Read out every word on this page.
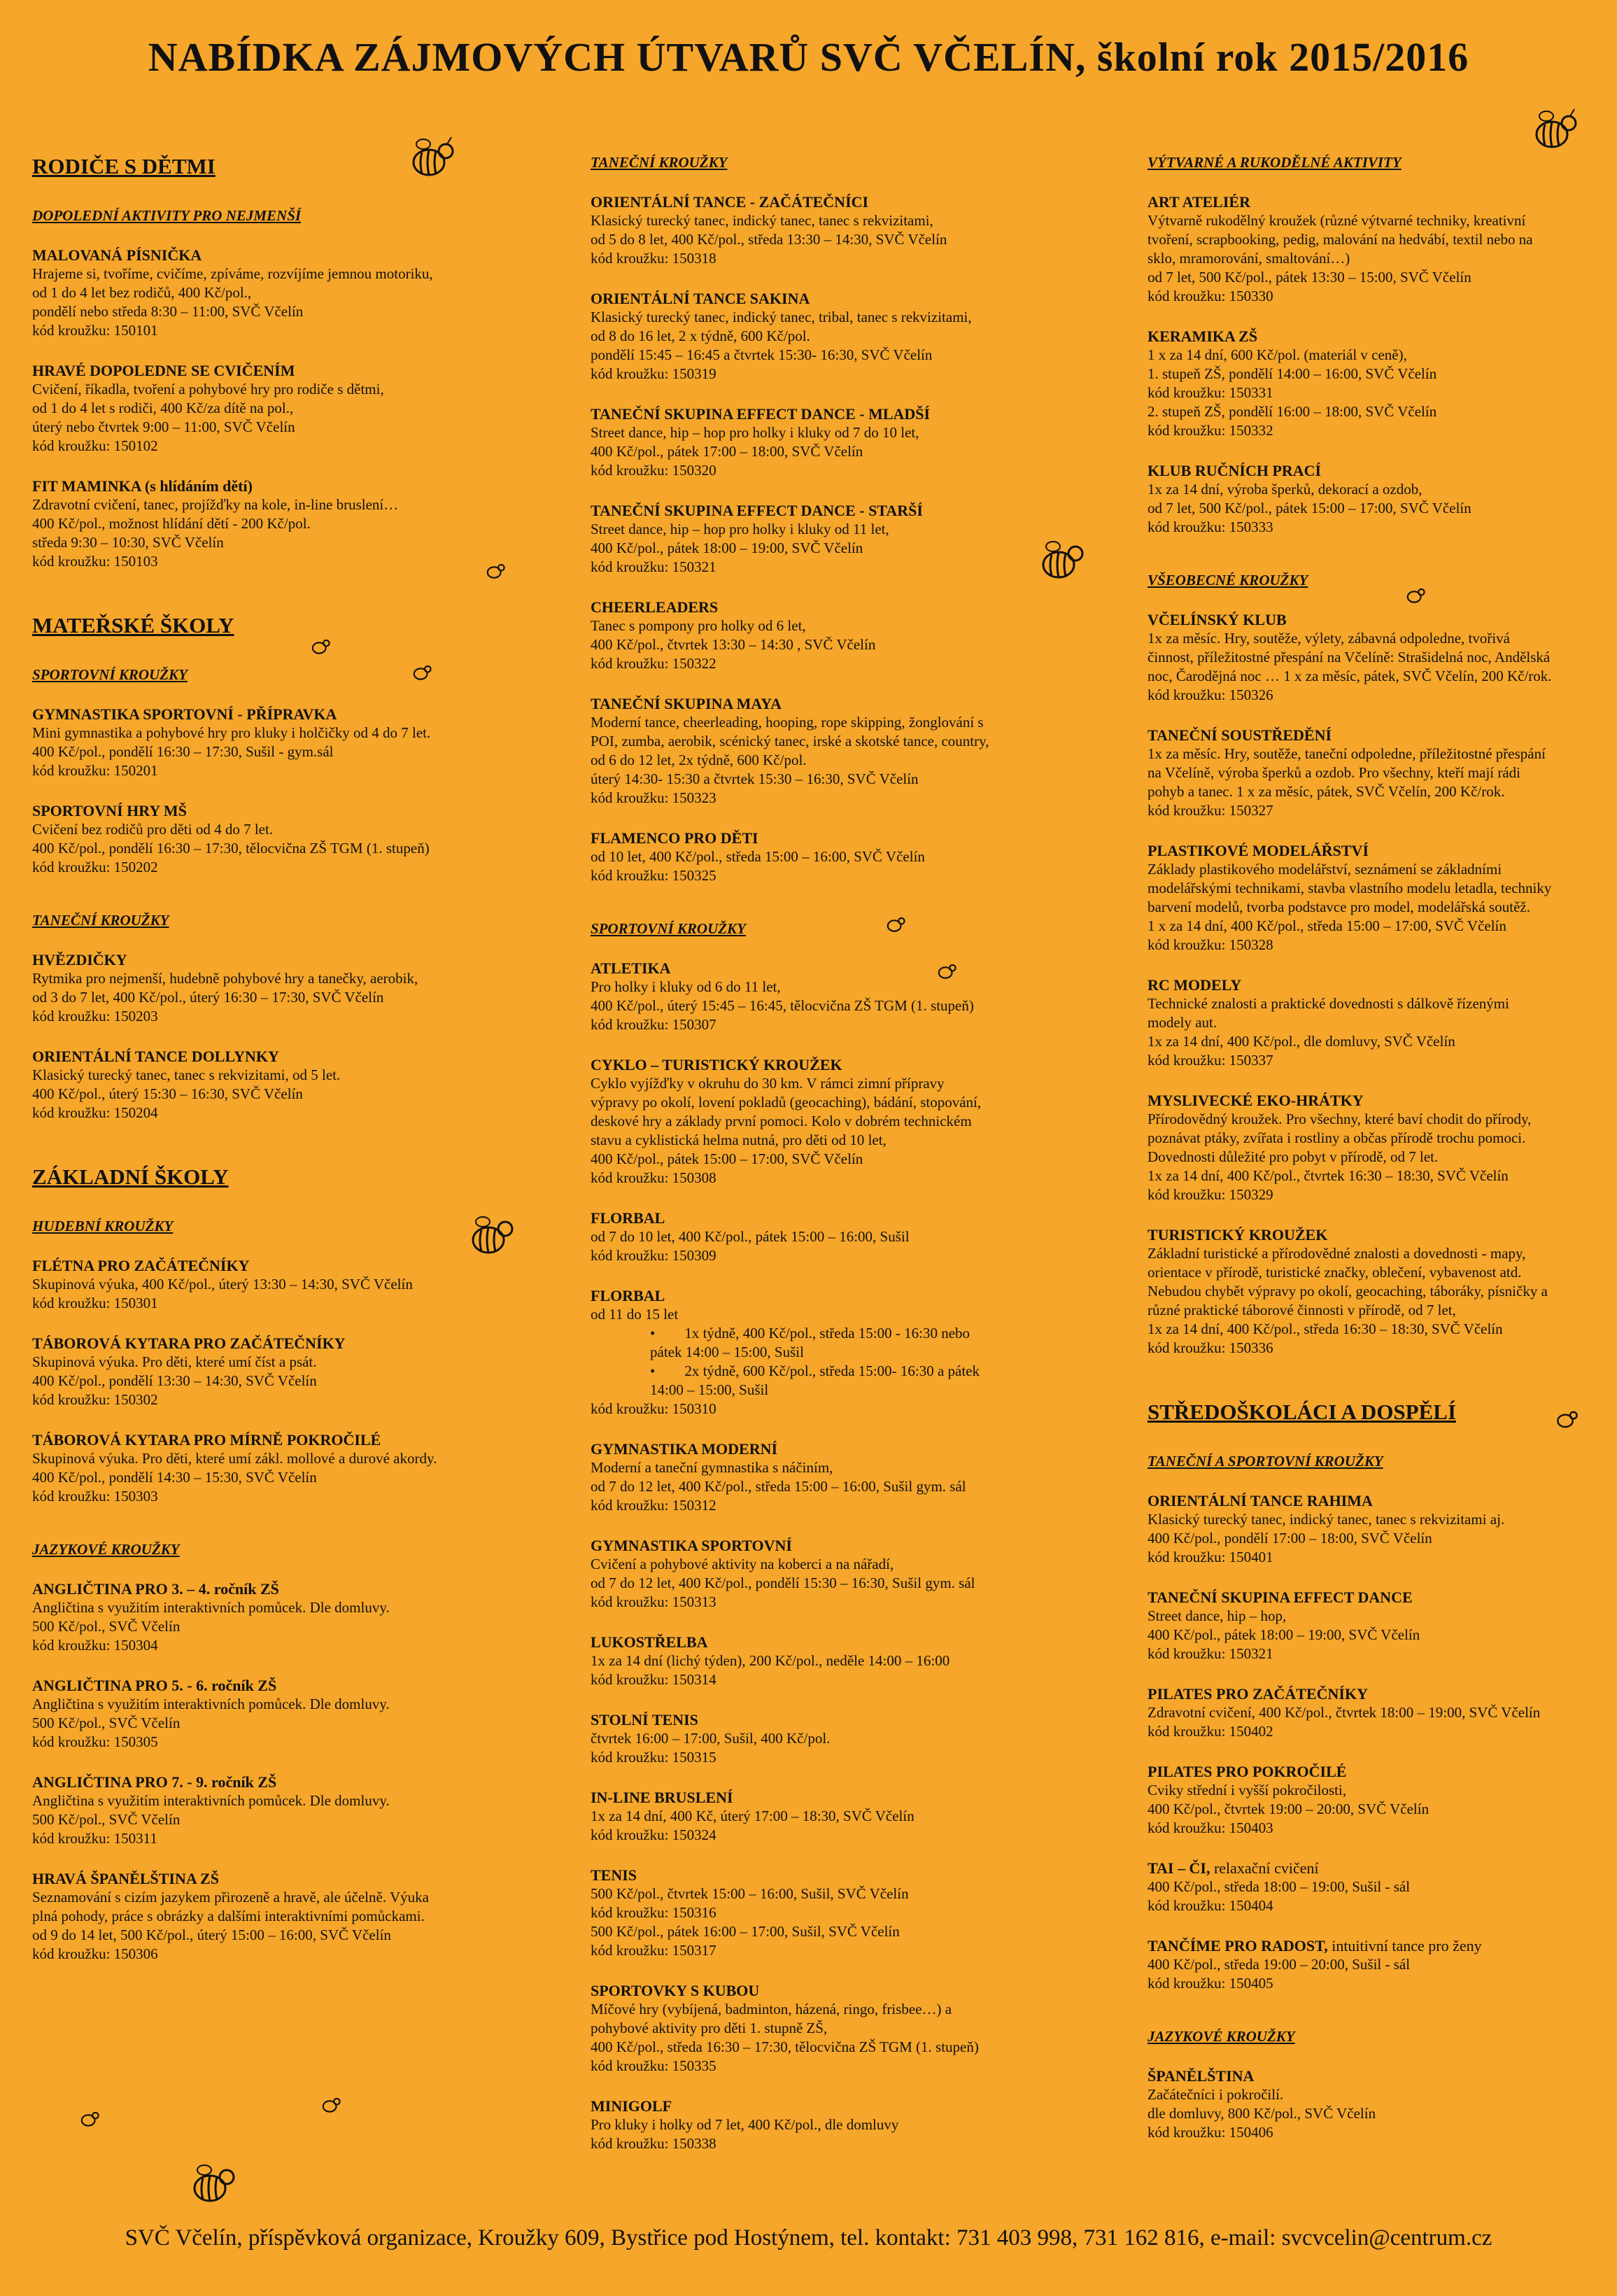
NABÍDKA ZÁJMOVÝCH ÚTVARŮ SVČ VČELÍN, školní rok 2015/2016
RODIČE S DĚTMI
DOPOLEDNÍ AKTIVITY PRO NEJMENŠÍ
MALOVANÁ PÍSNIČKA
Hrajeme si, tvoříme, cvičíme, zpíváme, rozvíjíme jemnou motoriku,
od 1 do 4 let bez rodičů, 400 Kč/pol.,
pondělí nebo středa 8:30 – 11:00, SVČ Včelín
kód kroužku: 150101
HRAVÉ DOPOLEDNE SE CVIČENÍM
Cvičení, říkadla, tvoření a pohybové hry pro rodiče s dětmi,
od 1 do 4 let s rodiči, 400 Kč/za dítě na pol.,
úterý nebo čtvrtek 9:00 – 11:00, SVČ Včelín
kód kroužku: 150102
FIT MAMINKA (s hlídáním dětí)
Zdravotní cvičení, tanec, projížďky na kole, in-line bruslení…
400 Kč/pol., možnost hlídání dětí - 200 Kč/pol.
středa 9:30 – 10:30, SVČ Včelín
kód kroužku: 150103
MATEŘSKÉ ŠKOLY
SPORTOVNÍ KROUŽKY
GYMNASTIKA SPORTOVNÍ - PŘÍPRAVKA
Mini gymnastika a pohybové hry pro kluky i holčičky od 4 do 7 let.
400 Kč/pol., pondělí 16:30 – 17:30, Sušil - gym.sál
kód kroužku: 150201
SPORTOVNÍ HRY MŠ
Cvičení bez rodičů pro děti od 4 do 7 let.
400 Kč/pol., pondělí 16:30 – 17:30, tělocvična ZŠ TGM (1. stupeň)
kód kroužku: 150202
TANEČNÍ KROUŽKY
HVĚZDIČKY
Rytmika pro nejmenší, hudebně pohybové hry a tanečky, aerobik,
od 3 do 7 let, 400 Kč/pol., úterý 16:30 – 17:30, SVČ Včelín
kód kroužku: 150203
ORIENTÁLNÍ TANCE DOLLYNKY
Klasický turecký tanec, tanec s rekvizitami, od 5 let.
400 Kč/pol., úterý 15:30 – 16:30, SVČ Včelín
kód kroužku: 150204
ZÁKLADNÍ ŠKOLY
HUDEBNÍ KROUŽKY
FLÉTNA PRO ZAČÁTEČNÍKY
Skupinová výuka, 400 Kč/pol., úterý 13:30 – 14:30, SVČ Včelín
kód kroužku: 150301
TÁBOROVÁ KYTARA PRO ZAČÁTEČNÍKY
Skupinová výuka. Pro děti, které umí číst a psát.
400 Kč/pol., pondělí 13:30 – 14:30, SVČ Včelín
kód kroužku: 150302
TÁBOROVÁ KYTARA PRO MÍRNĚ POKROČILÉ
Skupinová výuka. Pro děti, které umí zákl. mollové a durové akordy.
400 Kč/pol., pondělí 14:30 – 15:30, SVČ Včelín
kód kroužku: 150303
JAZYKOVÉ KROUŽKY
ANGLIČTINA PRO 3. – 4. ročník ZŠ
Angličtina s využitím interaktivních pomůcek. Dle domluvy.
500 Kč/pol., SVČ Včelín
kód kroužku: 150304
ANGLIČTINA PRO 5. - 6. ročník ZŠ
Angličtina s využitím interaktivních pomůcek. Dle domluvy.
500 Kč/pol., SVČ Včelín
kód kroužku: 150305
ANGLIČTINA PRO 7. - 9. ročník ZŠ
Angličtina s využitím interaktivních pomůcek. Dle domluvy.
500 Kč/pol., SVČ Včelín
kód kroužku: 150311
HRAVÁ ŠPANĚLŠTINA ZŠ
Seznamování s cizím jazykem přirozeně a hravě, ale účelně. Výuka
plná pohody, práce s obrázky a dalšími interaktivními pomůckami.
od 9 do 14 let, 500 Kč/pol., úterý 15:00 – 16:00, SVČ Včelín
kód kroužku: 150306
TANEČNÍ KROUŽKY
ORIENTÁLNÍ TANCE - ZAČÁTEČNÍCI
Klasický turecký tanec, indický tanec, tanec s rekvizitami,
od 5 do 8 let, 400 Kč/pol., středa 13:30 – 14:30, SVČ Včelín
kód kroužku: 150318
ORIENTÁLNÍ TANCE SAKINA
Klasický turecký tanec, indický tanec, tribal, tanec s rekvizitami,
od 8 do 16 let, 2 x týdně, 600 Kč/pol.
pondělí 15:45 – 16:45 a čtvrtek 15:30- 16:30, SVČ Včelín
kód kroužku: 150319
TANEČNÍ SKUPINA EFFECT DANCE - MLADŠÍ
Street dance, hip – hop pro holky i kluky od 7 do 10 let,
400 Kč/pol., pátek 17:00 – 18:00, SVČ Včelín
kód kroužku: 150320
TANEČNÍ SKUPINA EFFECT DANCE - STARŠÍ
Street dance, hip – hop pro holky i kluky od 11 let,
400 Kč/pol., pátek 18:00 – 19:00, SVČ Včelín
kód kroužku: 150321
CHEERLEADERS
Tanec s pompony pro holky od 6 let,
400 Kč/pol., čtvrtek 13:30 – 14:30 , SVČ Včelín
kód kroužku: 150322
TANEČNÍ SKUPINA MAYA
Moderní tance, cheerleading, hooping, rope skipping, žonglování s
POI, zumba, aerobik, scénický tanec, irské a skotské tance, country,
od 6 do 12 let, 2x týdně, 600 Kč/pol.
úterý 14:30- 15:30 a čtvrtek 15:30 – 16:30, SVČ Včelín
kód kroužku: 150323
FLAMENCO PRO DĚTI
od 10 let, 400 Kč/pol., středa 15:00 – 16:00, SVČ Včelín
kód kroužku: 150325
SPORTOVNÍ KROUŽKY
ATLETIKA
Pro holky i kluky od 6 do 11 let,
400 Kč/pol., úterý 15:45 – 16:45, tělocvična ZŠ TGM (1. stupeň)
kód kroužku: 150307
CYKLO – TURISTICKÝ KROUŽEK
Cyklo vyjížďky v okruhu do 30 km. V rámci zimní přípravy
výpravy po okolí, lovení pokladů (geocaching), bádání, stopování,
deskové hry a základy první pomoci. Kolo v dobrém technickém
stavu a cyklistická helma nutná, pro děti od 10 let,
400 Kč/pol., pátek 15:00 – 17:00, SVČ Včelín
kód kroužku: 150308
FLORBAL
od 7 do 10 let, 400 Kč/pol., pátek 15:00 – 16:00, Sušil
kód kroužku: 150309
FLORBAL
od 11 do 15 let
•        1x týdně, 400 Kč/pol., středa 15:00 - 16:30 nebo
pátek 14:00 – 15:00, Sušil
•        2x týdně, 600 Kč/pol., středa 15:00- 16:30 a pátek
14:00 – 15:00, Sušil
kód kroužku: 150310
GYMNASTIKA MODERNÍ
Moderní a taneční gymnastika s náčiním,
od 7 do 12 let, 400 Kč/pol., středa 15:00 – 16:00, Sušil gym. sál
kód kroužku: 150312
GYMNASTIKA SPORTOVNÍ
Cvičení a pohybové aktivity na koberci a na nářadí,
od 7 do 12 let, 400 Kč/pol., pondělí 15:30 – 16:30, Sušil gym. sál
kód kroužku: 150313
LUKOSTŘELBA
1x za 14 dní (lichý týden), 200 Kč/pol., neděle 14:00 – 16:00
kód kroužku: 150314
STOLNÍ TENIS
čtvrtek 16:00 – 17:00, Sušil, 400 Kč/pol.
kód kroužku: 150315
IN-LINE BRUSLENÍ
1x za 14 dní, 400 Kč, úterý 17:00 – 18:30, SVČ Včelín
kód kroužku: 150324
TENIS
500 Kč/pol., čtvrtek 15:00 – 16:00, Sušil, SVČ Včelín
kód kroužku: 150316
500 Kč/pol., pátek 16:00 – 17:00, Sušil, SVČ Včelín
kód kroužku: 150317
SPORTOVKY S KUBOU
Míčové hry (vybíjená, badminton, házená, ringo, frisbee…) a
pohybové aktivity pro děti 1. stupně ZŠ,
400 Kč/pol., středa 16:30 – 17:30, tělocvična ZŠ TGM (1. stupeň)
kód kroužku: 150335
MINIGOLF
Pro kluky i holky od 7 let, 400 Kč/pol., dle domluvy
kód kroužku: 150338
VÝTVARNÉ A RUKODĚLNÉ AKTIVITY
ART ATELIÉR
Výtvarně rukodělný kroužek (různé výtvarné techniky, kreativní
tvoření, scrapbooking, pedig, malování na hedvábí, textil nebo na
sklo, mramorování, smaltování…)
od 7 let, 500 Kč/pol., pátek 13:30 – 15:00, SVČ Včelín
kód kroužku: 150330
KERAMIKA ZŠ
1 x za 14 dní, 600 Kč/pol. (materiál v ceně),
1. stupeň ZŠ, pondělí 14:00 – 16:00, SVČ Včelín
kód kroužku: 150331
2. stupeň ZŠ, pondělí 16:00 – 18:00, SVČ Včelín
kód kroužku: 150332
KLUB RUČNÍCH PRACÍ
1x za 14 dní, výroba šperků, dekorací a ozdob,
od 7 let, 500 Kč/pol., pátek 15:00 – 17:00, SVČ Včelín
kód kroužku: 150333
VŠEOBECNÉ KROUŽKY
VČELÍNSKÝ KLUB
1x za měsíc. Hry, soutěže, výlety, zábavná odpoledne, tvořivá
činnost, příležitostné přespání na Včelíně: Strašidelná noc, Andělská
noc, Čarodějná noc … 1 x za měsíc, pátek, SVČ Včelín, 200 Kč/rok.
kód kroužku: 150326
TANEČNÍ SOUSTŘEDĚNÍ
1x za měsíc. Hry, soutěže, taneční odpoledne, příležitostné přespání
na Včelíně, výroba šperků a ozdob. Pro všechny, kteří mají rádi
pohyb a tanec. 1 x za měsíc, pátek, SVČ Včelín, 200 Kč/rok.
kód kroužku: 150327
PLASTIKOVÉ MODELÁŘSTVÍ
Základy plastikového modelářství, seznámení se základními
modelářskými technikami, stavba vlastního modelu letadla, techniky
barvení modelů, tvorba podstavce pro model, modelářská soutěž.
1 x za 14 dní, 400 Kč/pol., středa 15:00 – 17:00, SVČ Včelín
kód kroužku: 150328
RC MODELY
Technické znalosti a praktické dovednosti s dálkově řízenými
modely aut.
1x za 14 dní, 400 Kč/pol., dle domluvy, SVČ Včelín
kód kroužku: 150337
MYSLIVECKÉ EKO-HRÁTKY
Přírodovědný kroužek. Pro všechny, které baví chodit do přírody,
poznávat ptáky, zvířata i rostliny a občas přírodě trochu pomoci.
Dovednosti důležité pro pobyt v přírodě, od 7 let.
1x za 14 dní, 400 Kč/pol., čtvrtek 16:30 – 18:30, SVČ Včelín
kód kroužku: 150329
TURISTICKÝ KROUŽEK
Základní turistické a přírodovědné znalosti a dovednosti - mapy,
orientace v přírodě, turistické značky, oblečení, vybavenost atd.
Nebudou chybět výpravy po okolí, geocaching, táboráky, písničky a
různé praktické táborové činnosti v přírodě, od 7 let,
1x za 14 dní, 400 Kč/pol., středa 16:30 – 18:30, SVČ Včelín
kód kroužku: 150336
STŘEDOŠKOLÁCI A DOSPĚLÍ
TANEČNÍ A SPORTOVNÍ KROUŽKY
ORIENTÁLNÍ TANCE RAHIMA
Klasický turecký tanec, indický tanec, tanec s rekvizitami aj.
400 Kč/pol., pondělí 17:00 – 18:00, SVČ Včelín
kód kroužku: 150401
TANEČNÍ SKUPINA EFFECT DANCE
Street dance, hip – hop,
400 Kč/pol., pátek 18:00 – 19:00, SVČ Včelín
kód kroužku: 150321
PILATES PRO ZAČÁTEČNÍKY
Zdravotní cvičení, 400 Kč/pol., čtvrtek 18:00 – 19:00, SVČ Včelín
kód kroužku: 150402
PILATES PRO POKROČILÉ
Cviky střední i vyšší pokročilosti,
400 Kč/pol., čtvrtek 19:00 – 20:00, SVČ Včelín
kód kroužku: 150403
TAI – ČI, relaxační cvičení
400 Kč/pol., středa 18:00 – 19:00, Sušil - sál
kód kroužku: 150404
TANČÍME PRO RADOST, intuitivní tance pro ženy
400 Kč/pol., středa 19:00 – 20:00, Sušil - sál
kód kroužku: 150405
JAZYKOVÉ KROUŽKY
ŠPANĚLŠTINA
Začátečníci i pokročilí.
dle domluvy, 800 Kč/pol., SVČ Včelín
kód kroužku: 150406
SVČ Včelín, příspěvková organizace, Kroužky 609, Bystřice pod Hostýnem, tel. kontakt: 731 403 998, 731 162 816, e-mail: svcvcelin@centrum.cz
